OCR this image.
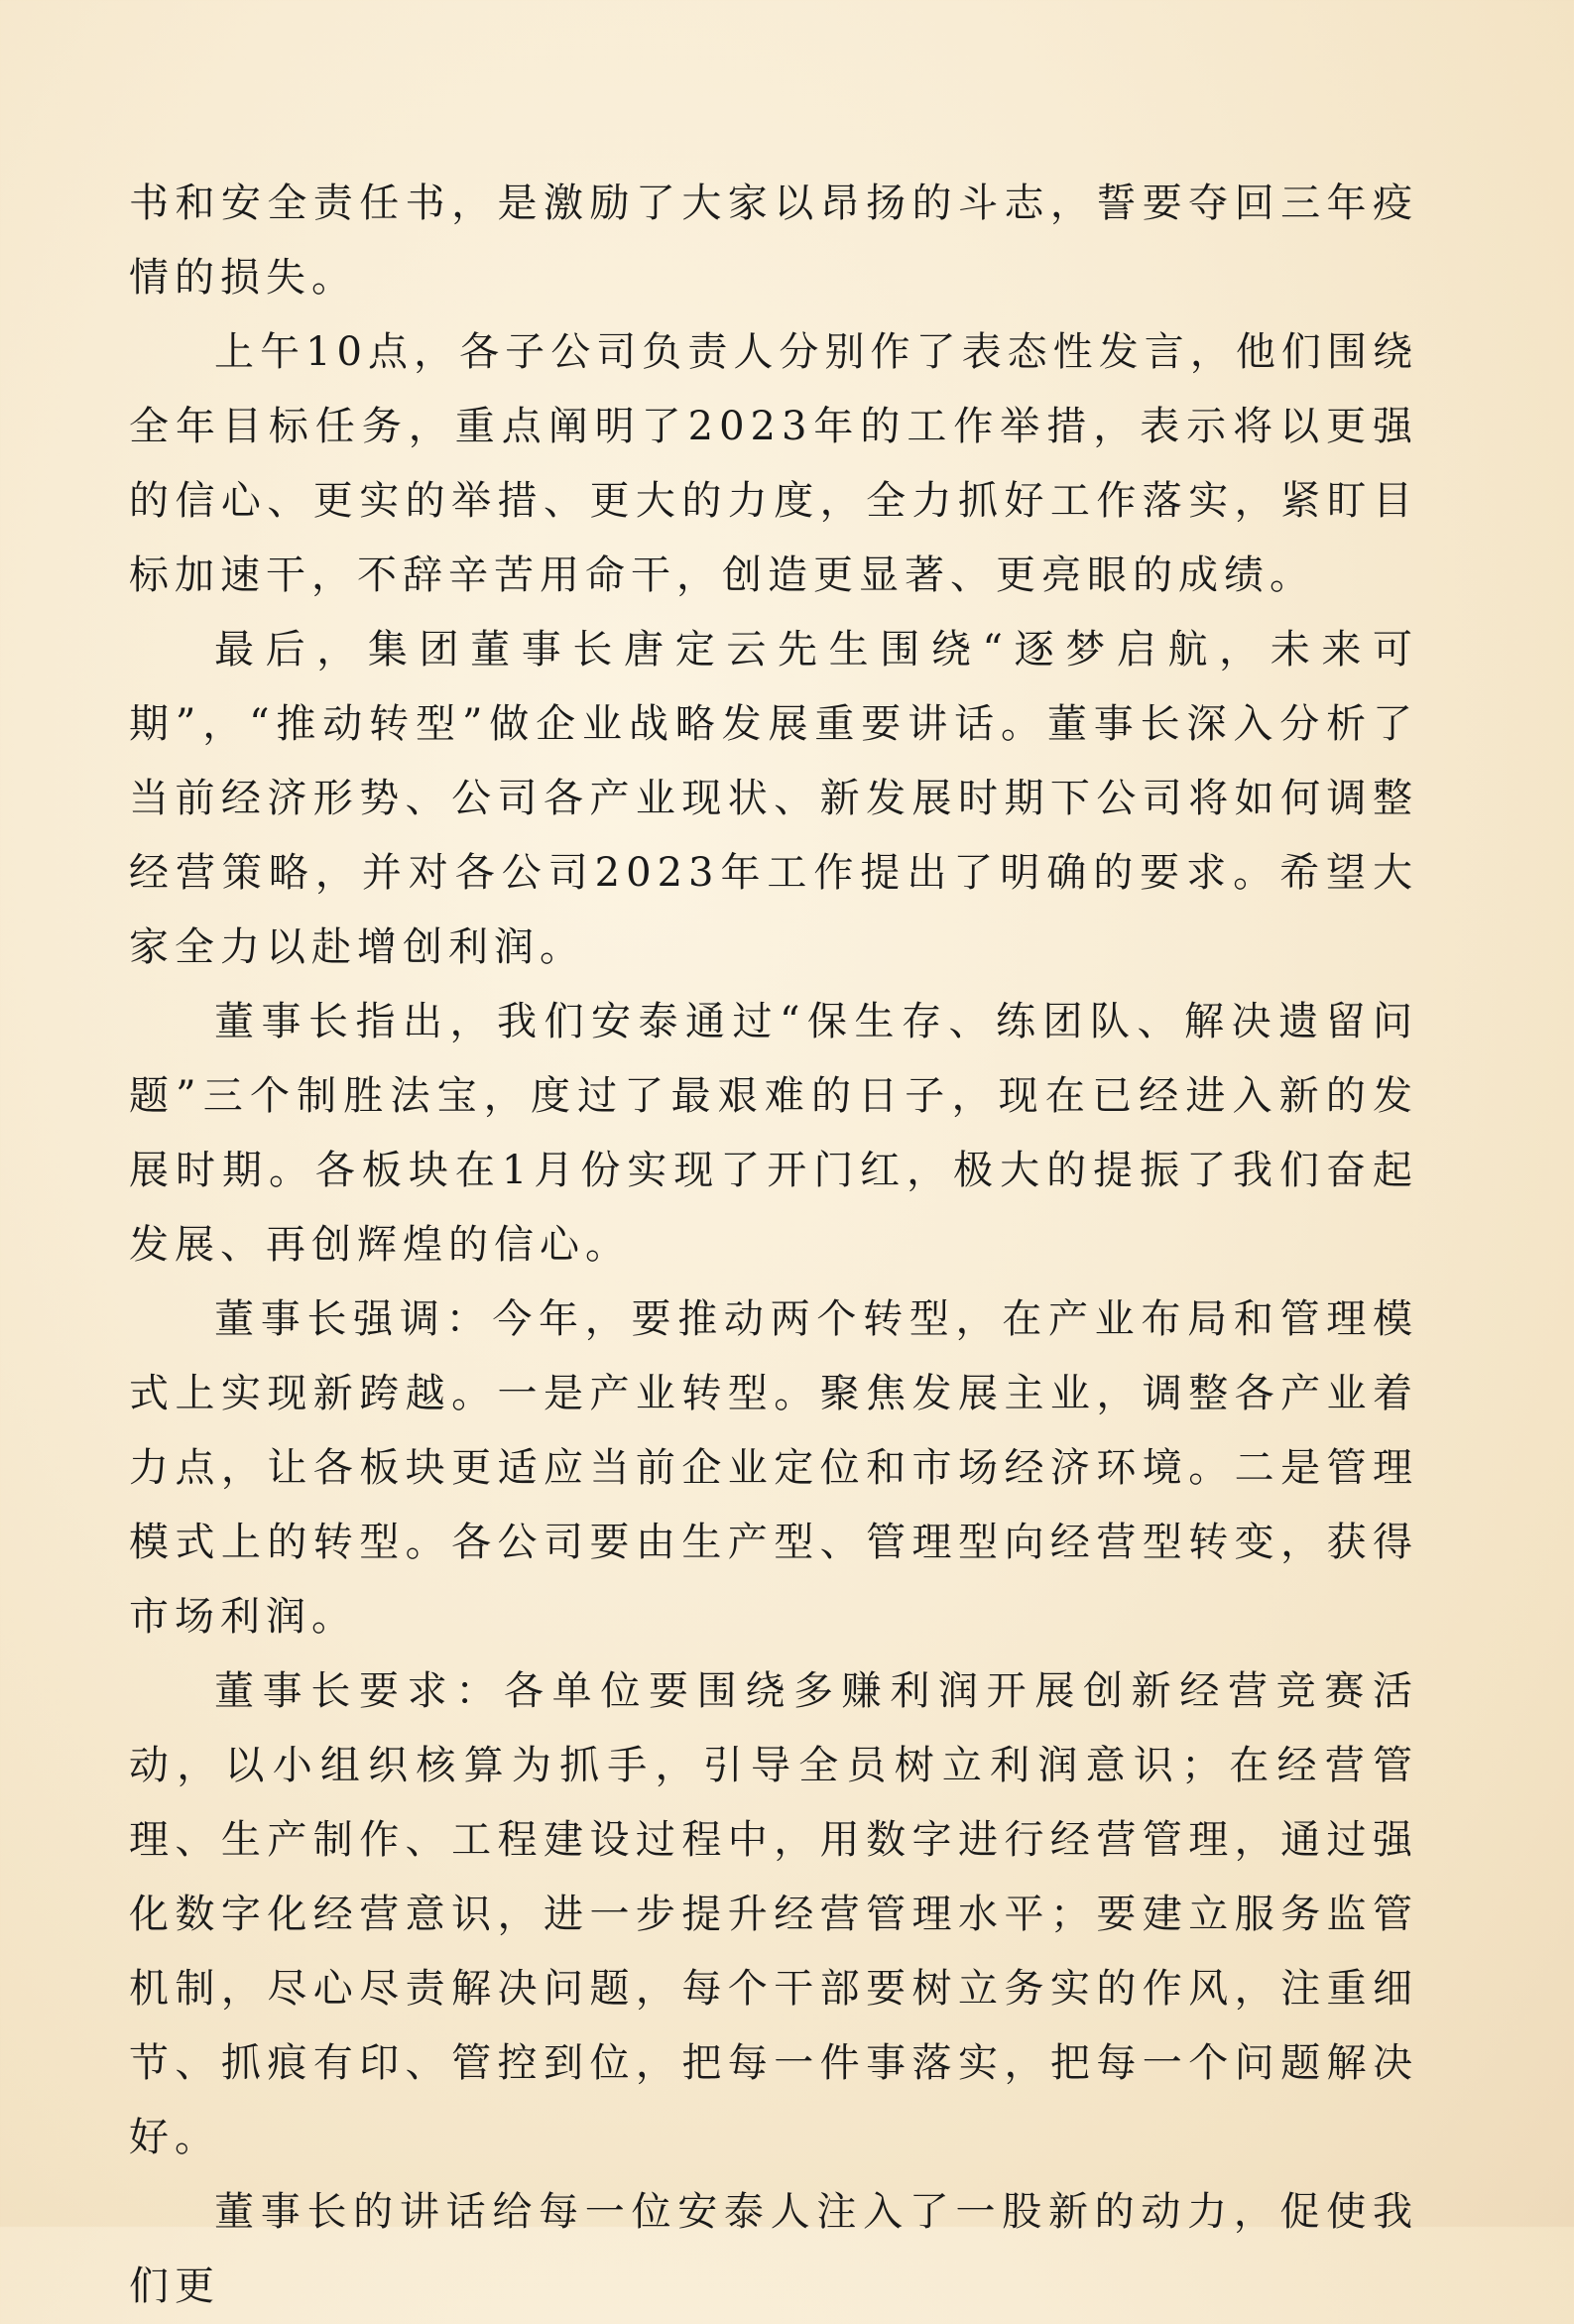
书和安全责任书，是激励了大家以昂扬的斗志，誓要夺回三年疫情的损失。

上午10点，各子公司负责人分别作了表态性发言，他们围绕全年目标任务，重点阐明了2023年的工作举措，表示将以更强的信心、更实的举措、更大的力度，全力抓好工作落实，紧盯目标加速干，不辞辛苦用命干，创造更显著、更亮眼的成绩。

最后，集团董事长唐定云先生围绕“逐梦启航，未来可期”，“推动转型”做企业战略发展重要讲话。董事长深入分析了当前经济形势、公司各产业现状、新发展时期下公司将如何调整经营策略，并对各公司2023年工作提出了明确的要求。希望大家全力以赴增创利润。

董事长指出，我们安泰通过“保生存、练团队、解决遗留问题”三个制胜法宝，度过了最艰难的日子，现在已经进入新的发展时期。各板块在1月份实现了开门红，极大的提振了我们奋起发展、再创辉煌的信心。

董事长强调：今年，要推动两个转型，在产业布局和管理模式上实现新跨越。一是产业转型。聚焦发展主业，调整各产业着力点，让各板块更适应当前企业定位和市场经济环境。二是管理模式上的转型。各公司要由生产型、管理型向经营型转变，获得市场利润。

董事长要求：各单位要围绕多赚利润开展创新经营竞赛活动，以小组织核算为抓手，引导全员树立利润意识；在经营管理、生产制作、工程建设过程中，用数字进行经营管理，通过强化数字化经营意识，进一步提升经营管理水平；要建立服务监管机制，尽心尽责解决问题，每个干部要树立务实的作风，注重细节、抓痕有印、管控到位，把每一件事落实，把每一个问题解决好。

董事长的讲话给每一位安泰人注入了一股新的动力，促使我们更
